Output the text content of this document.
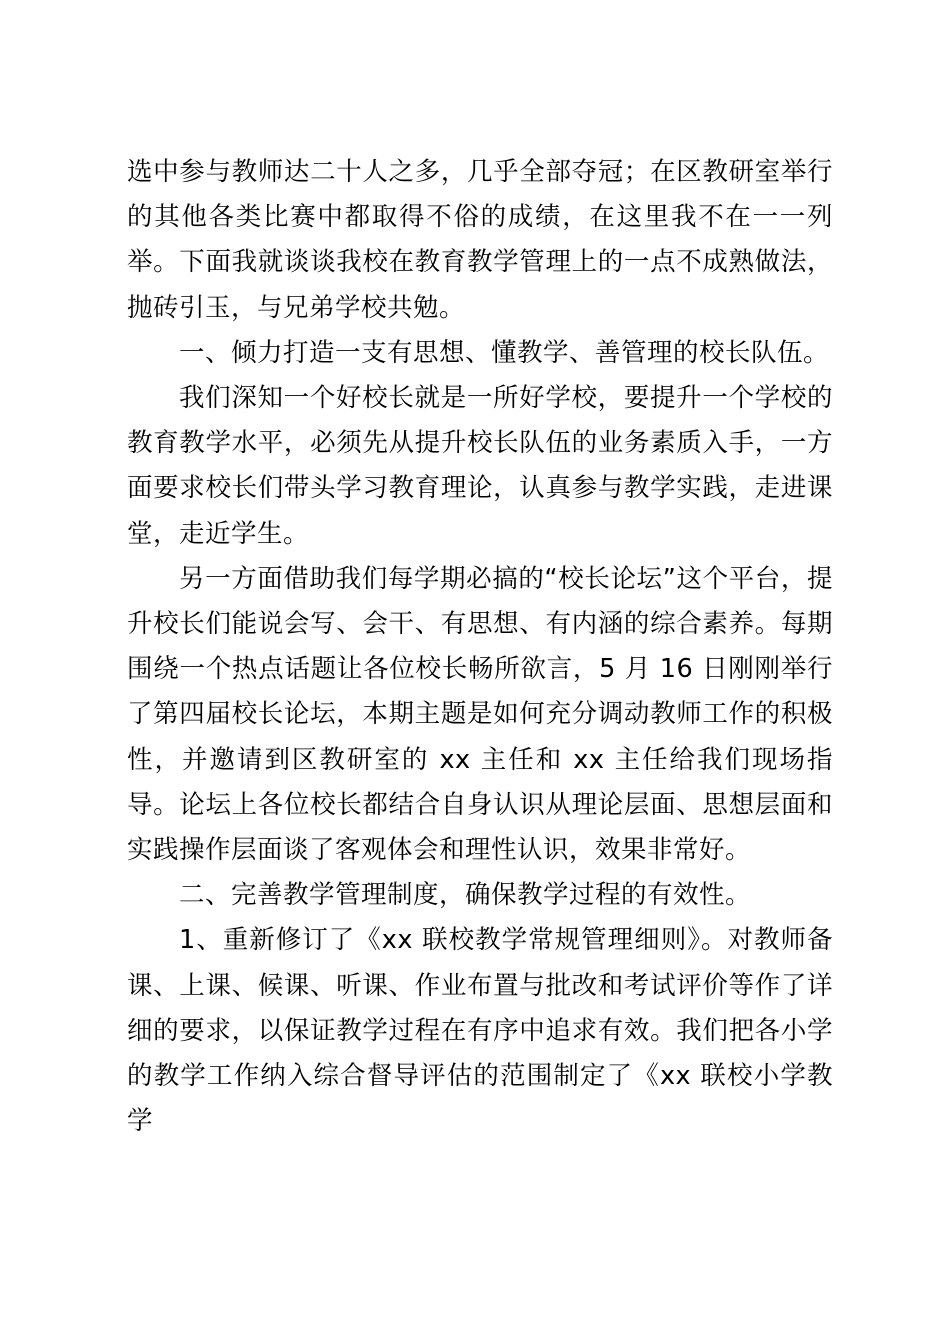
选中参与教师达二十人之多，几乎全部夺冠；在区教研室举行的其他各类比赛中都取得不俗的成绩，在这里我不在一一列举。下面我就谈谈我校在教育教学管理上的一点不成熟做法，抛砖引玉，与兄弟学校共勉。

一、倾力打造一支有思想、懂教学、善管理的校长队伍。

我们深知一个好校长就是一所好学校，要提升一个学校的教育教学水平，必须先从提升校长队伍的业务素质入手，一方面要求校长们带头学习教育理论，认真参与教学实践，走进课堂，走近学生。

另一方面借助我们每学期必搞的“校长论坛”这个平台，提升校长们能说会写、会干、有思想、有内涵的综合素养。每期围绕一个热点话题让各位校长畅所欲言，5 月 16 日刚刚举行了第四届校长论坛，本期主题是如何充分调动教师工作的积极性，并邀请到区教研室的 xx 主任和 xx 主任给我们现场指导。论坛上各位校长都结合自身认识从理论层面、思想层面和实践操作层面谈了客观体会和理性认识，效果非常好。

二、完善教学管理制度，确保教学过程的有效性。

1、重新修订了《xx 联校教学常规管理细则》。对教师备课、上课、候课、听课、作业布置与批改和考试评价等作了详细的要求，以保证教学过程在有序中追求有效。我们把各小学的教学工作纳入综合督导评估的范围制定了《xx 联校小学教学
